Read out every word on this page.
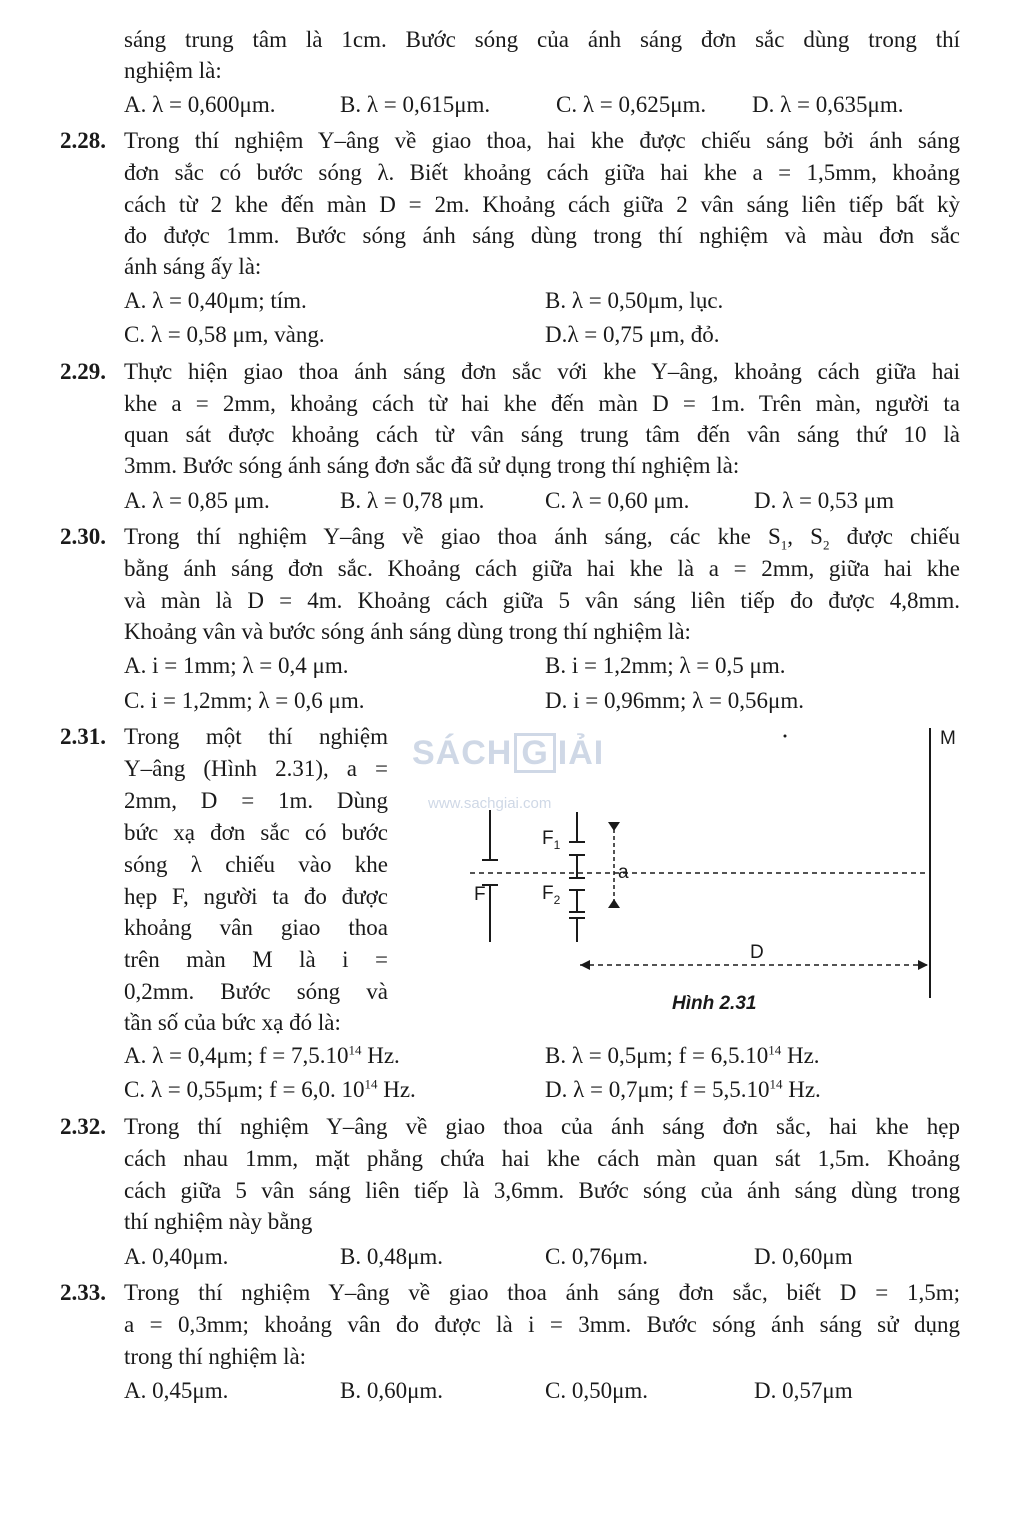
sáng trung tâm là 1cm. Bước sóng của ánh sáng đơn sắc dùng trong thí
nghiệm là:
A. λ = 0,600μm.	B. λ = 0,615μm.	C. λ = 0,625μm. D. λ = 0,635μm.
2.28. Trong thí nghiệm Y–âng về giao thoa, hai khe được chiếu sáng bởi ánh sáng
đơn sắc có bước sóng λ. Biết khoảng cách giữa hai khe a = 1,5mm, khoảng
cách từ 2 khe đến màn D = 2m. Khoảng cách giữa 2 vân sáng liên tiếp bất kỳ
đo được 1mm. Bước sóng ánh sáng dùng trong thí nghiệm và màu đơn sắc
ánh sáng ấy là:
A. λ = 0,40μm; tím.	B. λ = 0,50μm, lục.
C. λ = 0,58 μm, vàng.	D.λ = 0,75 μm, đỏ.
2.29. Thực hiện giao thoa ánh sáng đơn sắc với khe Y–âng, khoảng cách giữa hai
khe a = 2mm, khoảng cách từ hai khe đến màn D = 1m. Trên màn, người ta
quan sát được khoảng cách từ vân sáng trung tâm đến vân sáng thứ 10 là
3mm. Bước sóng ánh sáng đơn sắc đã sử dụng trong thí nghiệm là:
A. λ = 0,85 μm.	B. λ = 0,78 μm.	C. λ = 0,60 μm.	D. λ = 0,53 μm
2.30. Trong thí nghiệm Y–âng về giao thoa ánh sáng, các khe $S_1$, $S_2$ được chiếu
bằng ánh sáng đơn sắc. Khoảng cách giữa hai khe là a = 2mm, giữa hai khe
và màn là D = 4m. Khoảng cách giữa 5 vân sáng liên tiếp đo được 4,8mm.
Khoảng vân và bước sóng ánh sáng dùng trong thí nghiệm là:
A. i = 1mm; λ = 0,4 μm.	B. i = 1,2mm; λ = 0,5 μm.
C. i = 1,2mm; λ = 0,6 μm.	D. i = 0,96mm; λ = 0,56μm.
2.31. Trong một thí nghiệm
Y–âng (Hình 2.31), a =
2mm, D = 1m. Dùng
bức xạ đơn sắc có bước
sóng λ chiếu vào khe
hẹp F, người ta đo được
khoảng vân giao thoa
trên màn M là i =
0,2mm. Bước sóng và
tần số của bức xạ đó là:
SÁCH G IẢI
www.sachgiai.com
M
F
$F_1$
$F_2$
a
D
Hình 2.31
A. λ = 0,4μm; $f = 7,5.10^{14}$ Hz.	B. λ = 0,5μm; $f = 6,5.10^{14}$ Hz.
C. λ = 0,55μm; f = 6,0. $10^{14}$ Hz.	D. λ = 0,7μm; $f = 5,5.10^{14}$ Hz.
2.32. Trong thí nghiệm Y–âng về giao thoa của ánh sáng đơn sắc, hai khe hẹp
cách nhau 1mm, mặt phẳng chứa hai khe cách màn quan sát 1,5m. Khoảng
cách giữa 5 vân sáng liên tiếp là 3,6mm. Bước sóng của ánh sáng dùng trong
thí nghiệm này bằng
A. 0,40μm.	B. 0,48μm.	C. 0,76μm.	D. 0,60μm
2.33. Trong thí nghiệm Y–âng về giao thoa ánh sáng đơn sắc, biết D = 1,5m;
a = 0,3mm; khoảng vân đo được là i = 3mm. Bước sóng ánh sáng sử dụng
trong thí nghiệm là:
A. 0,45μm.	B. 0,60μm.	C. 0,50μm.	D. 0,57μm
